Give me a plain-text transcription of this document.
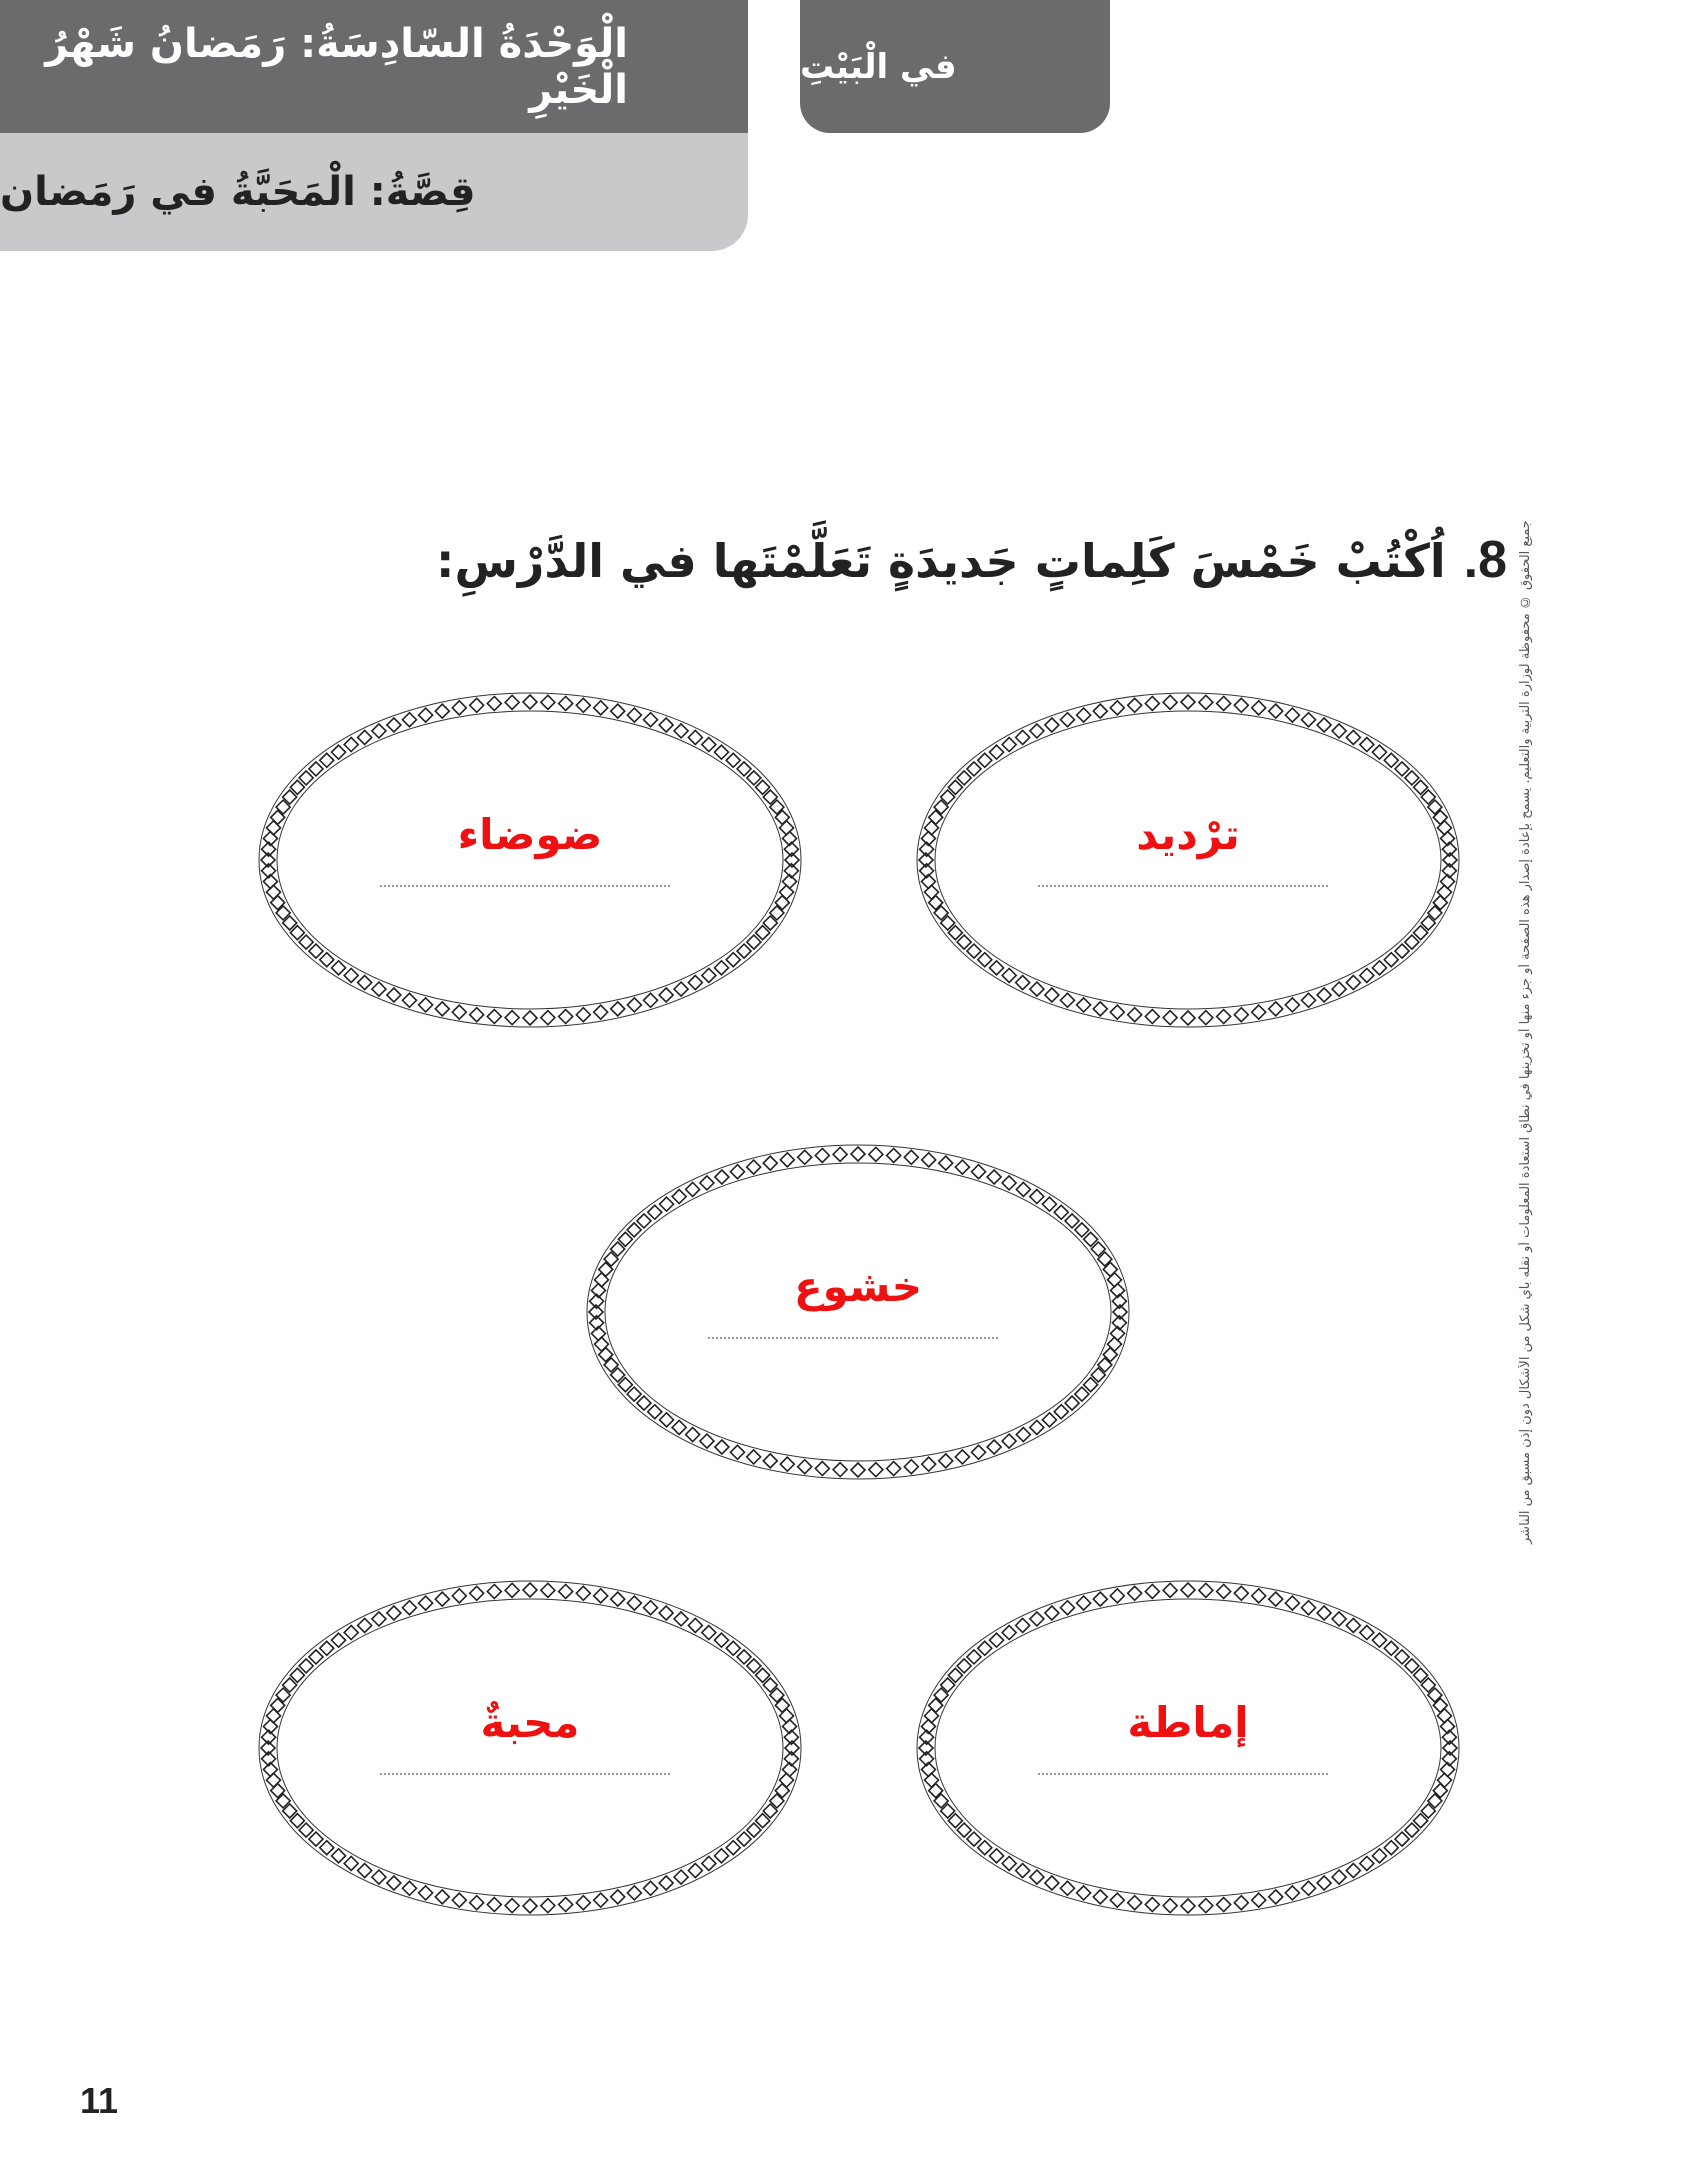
الْوَحْدَةُ السّادِسَةُ: رَمَضانُ شَهْرُ الْخَيْرِ
قِصَّةُ: الْمَحَبَّةُ في رَمَضان
في الْبَيْتِ
8.
اُكْتُبْ خَمْسَ كَلِماتٍ جَديدَةٍ تَعَلَّمْتَها في الدَّرْسِ:	جميع الحقوق © محفوظة لوزارة التربية والتعليم. يسمح بإعادة إصدار هذه الصفحة أو جزء منها أو تخزينها في نطاق استعادة المعلومات أو نقله بأي شكل من الأشكال دون إذن مسبق من الناشر
ضوضاء	ترْديد
خشوع
محبةٌ	إماطة
11
